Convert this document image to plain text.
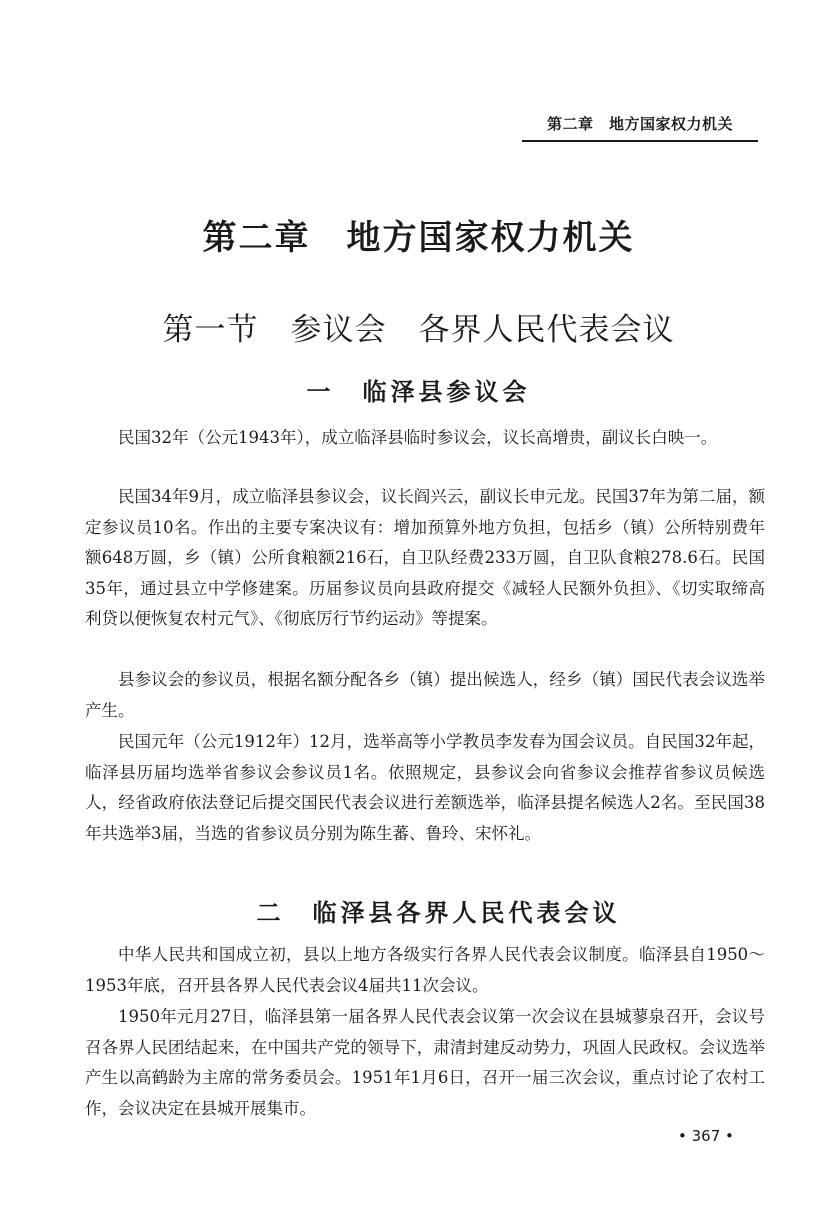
第二章　地方国家权力机关
第二章　地方国家权力机关
第一节　参议会　各界人民代表会议
一　临泽县参议会

民国32年（公元1943年），成立临泽县临时参议会，议长高增贵，副议长白映一。

民国34年9月，成立临泽县参议会，议长阎兴云，副议长申元龙。民国37年为第二届，额定参议员10名。作出的主要专案决议有：增加预算外地方负担，包括乡（镇）公所特别费年额648万圆，乡（镇）公所食粮额216石，自卫队经费233万圆，自卫队食粮278.6石。民国35年，通过县立中学修建案。历届参议员向县政府提交《减轻人民额外负担》、《切实取缔高利贷以便恢复农村元气》、《彻底厉行节约运动》等提案。

县参议会的参议员，根据名额分配各乡（镇）提出候选人，经乡（镇）国民代表会议选举产生。

民国元年（公元1912年）12月，选举高等小学教员李发春为国会议员。自民国32年起，临泽县历届均选举省参议会参议员1名。依照规定，县参议会向省参议会推荐省参议员候选人，经省政府依法登记后提交国民代表会议进行差额选举，临泽县提名候选人2名。至民国38年共选举3届，当选的省参议员分别为陈生蕃、鲁玲、宋怀礼。

二　临泽县各界人民代表会议

中华人民共和国成立初，县以上地方各级实行各界人民代表会议制度。临泽县自1950～1953年底，召开县各界人民代表会议4届共11次会议。

1950年元月27日，临泽县第一届各界人民代表会议第一次会议在县城蓼泉召开，会议号召各界人民团结起来，在中国共产党的领导下，肃清封建反动势力，巩固人民政权。会议选举产生以高鹤龄为主席的常务委员会。1951年1月6日，召开一届三次会议，重点讨论了农村工作，会议决定在县城开展集市。

• 367 •
